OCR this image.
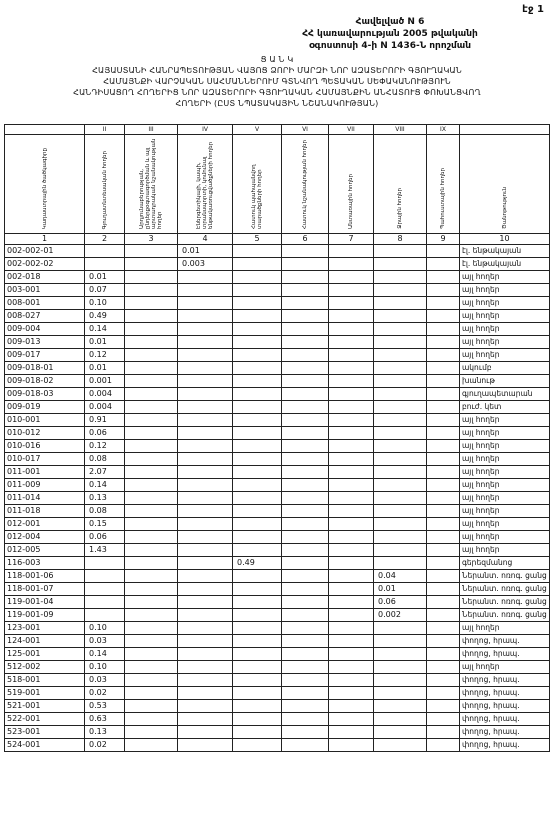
էջ 1
Հավելված N 6
ՀՀ կառավարության 2005 թվականի
օգոստոսի 4-ի N 1436-Ն որոշման
Ց Ա Ն Կ
ՀԱՅԱՍՏԱՆԻ ՀԱՆՐԱՊԵՏՈՒԹՅԱՆ ՎԱՅՈՑ ՁՈՐԻ ՄԱՐԶԻ ՆՈՐ ԱԶԱՏԵՐՈՐԻ ԳՅՈՒՂԱԿԱՆ
ՀԱՄԱՅՆՔԻ ՎԱՐՉԱԿԱՆ ՍԱՀՄԱՆՆԵՐՈՒՄ ԳՏՆՎՈՂ ՊԵՏԱԿԱՆ ՍԵՓԱԿԱՆՈՒԹՅՈՒՆ
ՀԱՆԴԻՍԱՑՈՂ ՀՈՂԵՐԻՑ ՆՈՐ ԱԶԱՏԵՐՈՐԻ ԳՅՈՒՂԱԿԱՆ ՀԱՄԱՅՆՔԻՆ ԱՆՀԱՏՈՒՑ ՓՈԽԱՆՑՎՈՂ
ՀՈՂԵՐԻ (ԸՍՏ ՆՊԱՏԱԿԱՅԻՆ ՆՇԱՆԱԿՈՒԹՅԱՆ)
	II	III	IV	V	VI	VII	VIII	IX	
Կադաստրային ծածկագիրը	Գյուղատնտեսական հողեր	Արդյունաբերության, ընդերքօգտագործման և այլ արտադրական նշանակության հողեր	Էներգետիկայի, կապի, տրանսպորտի, կոմունալ ենթակառուցվածքների հողեր	Հատուկ պահպանվող տարածքների հողեր	Հատուկ նշանակության հողեր	Անտառային հողեր	Ջրային հողեր	Պահուստային հողեր	Ծանոթություն
1	2	3	4	5	6	7	8	9	10
002-002-01			0.01						էլ. ենթակայան
002-002-02			0.003						էլ. ենթակայան
002-018	0.01								այլ հողեր
003-001	0.07								այլ հողեր
008-001	0.10								այլ հողեր
008-027	0.49								այլ հողեր
009-004	0.14								այլ հողեր
009-013	0.01								այլ հողեր
009-017	0.12								այլ հողեր
009-018-01	0.01								ակումբ
009-018-02	0.001								խանութ
009-018-03	0.004								գյուղապետարան
009-019	0.004								բուժ. կետ
010-001	0.91								այլ հողեր
010-012	0.06								այլ հողեր
010-016	0.12								այլ հողեր
010-017	0.08								այլ հողեր
011-001	2.07								այլ հողեր
011-009	0.14								այլ հողեր
011-014	0.13								այլ հողեր
011-018	0.08								այլ հողեր
012-001	0.15								այլ հողեր
012-004	0.06								այլ հողեր
012-005	1.43								այլ հողեր
116-003				0.49					գերեզմանոց
118-001-06							0.04		Ներանտ. ոռոգ. ցանց
118-001-07							0.01		Ներանտ. ոռոգ. ցանց
119-001-04							0.06		Ներանտ. ոռոգ. ցանց
119-001-09							0.002		Ներանտ. ոռոգ. ցանց
123-001	0.10								այլ հողեր
124-001	0.03								փողոց, հրապ.
125-001	0.14								փողոց, հրապ.
512-002	0.10								այլ հողեր
518-001	0.03								փողոց, հրապ.
519-001	0.02								փողոց, հրապ.
521-001	0.53								փողոց, հրապ.
522-001	0.63								փողոց, հրապ.
523-001	0.13								փողոց, հրապ.
524-001	0.02								փողոց, հրապ.
